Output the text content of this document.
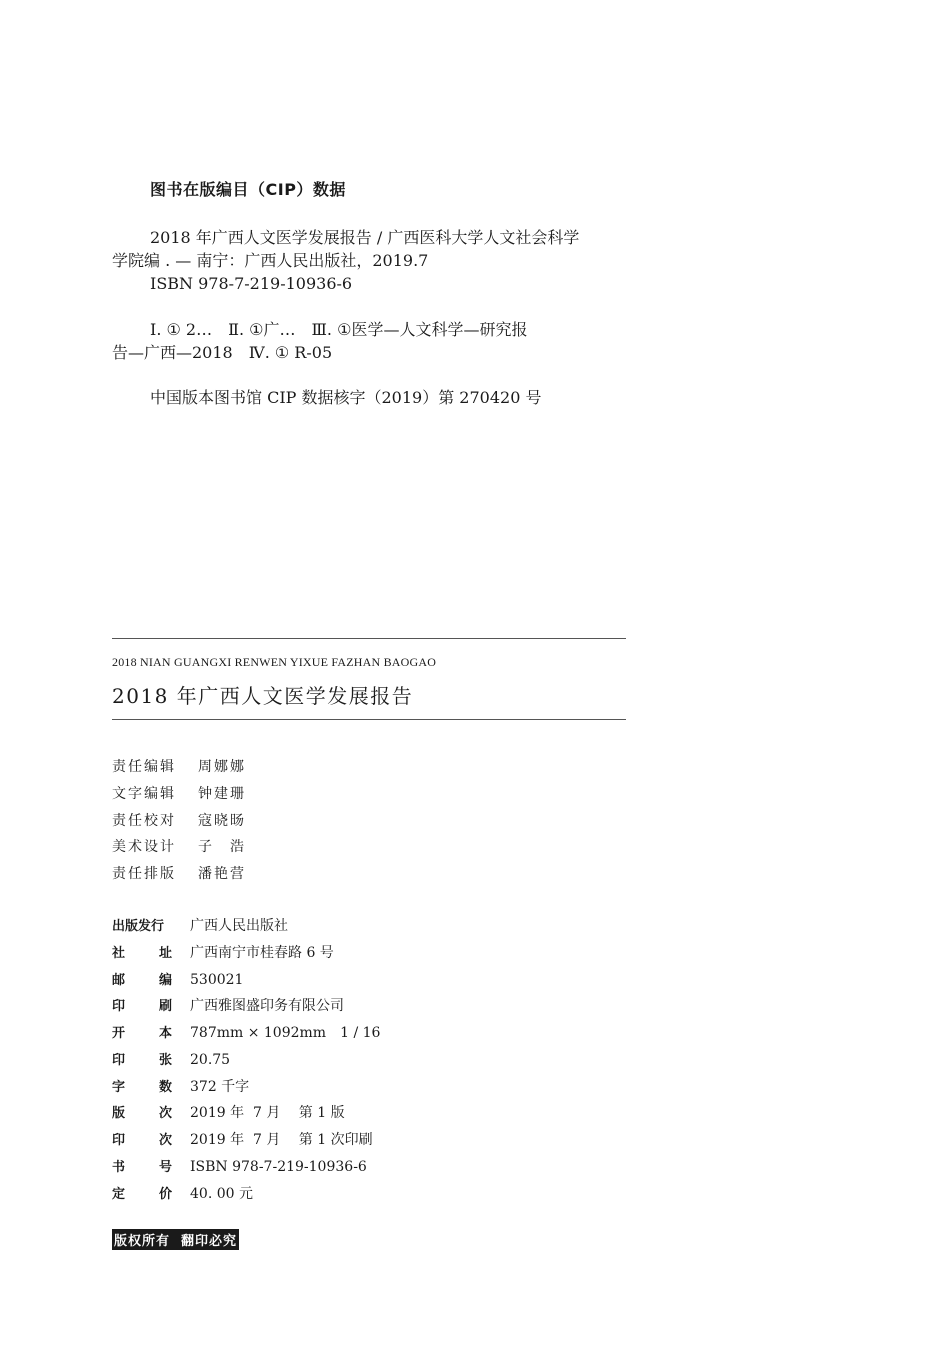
图书在版编目（CIP）数据
2018 年广西人文医学发展报告 / 广西医科大学人文社会科学
学院编 . — 南宁：广西人民出版社，2019.7
ISBN 978-7-219-10936-6
Ⅰ. ① 2…　Ⅱ. ①广…　Ⅲ. ①医学—人文科学—研究报
告—广西—2018　Ⅳ. ① R-05
中国版本图书馆 CIP 数据核字（2019）第 270420 号
2018 NIAN GUANGXI RENWEN YIXUE FAZHAN BAOGAO
2018 年广西人文医学发展报告
责任编辑 周娜娜
文字编辑 钟建珊
责任校对 寇晓旸
美术设计 子　浩
责任排版 潘艳营
出版发行 广西人民出版社
社址 广西南宁市桂春路 6 号
邮编 530021
印刷 广西雅图盛印务有限公司
开本 787mm × 1092mm　1 / 16
印张 20.75
字数 372 千字
版次 2019 年  7 月　 第 1 版
印次 2019 年  7 月　 第 1 次印刷
书号 ISBN 978-7-219-10936-6
定价 40. 00 元
版权所有  翻印必究
